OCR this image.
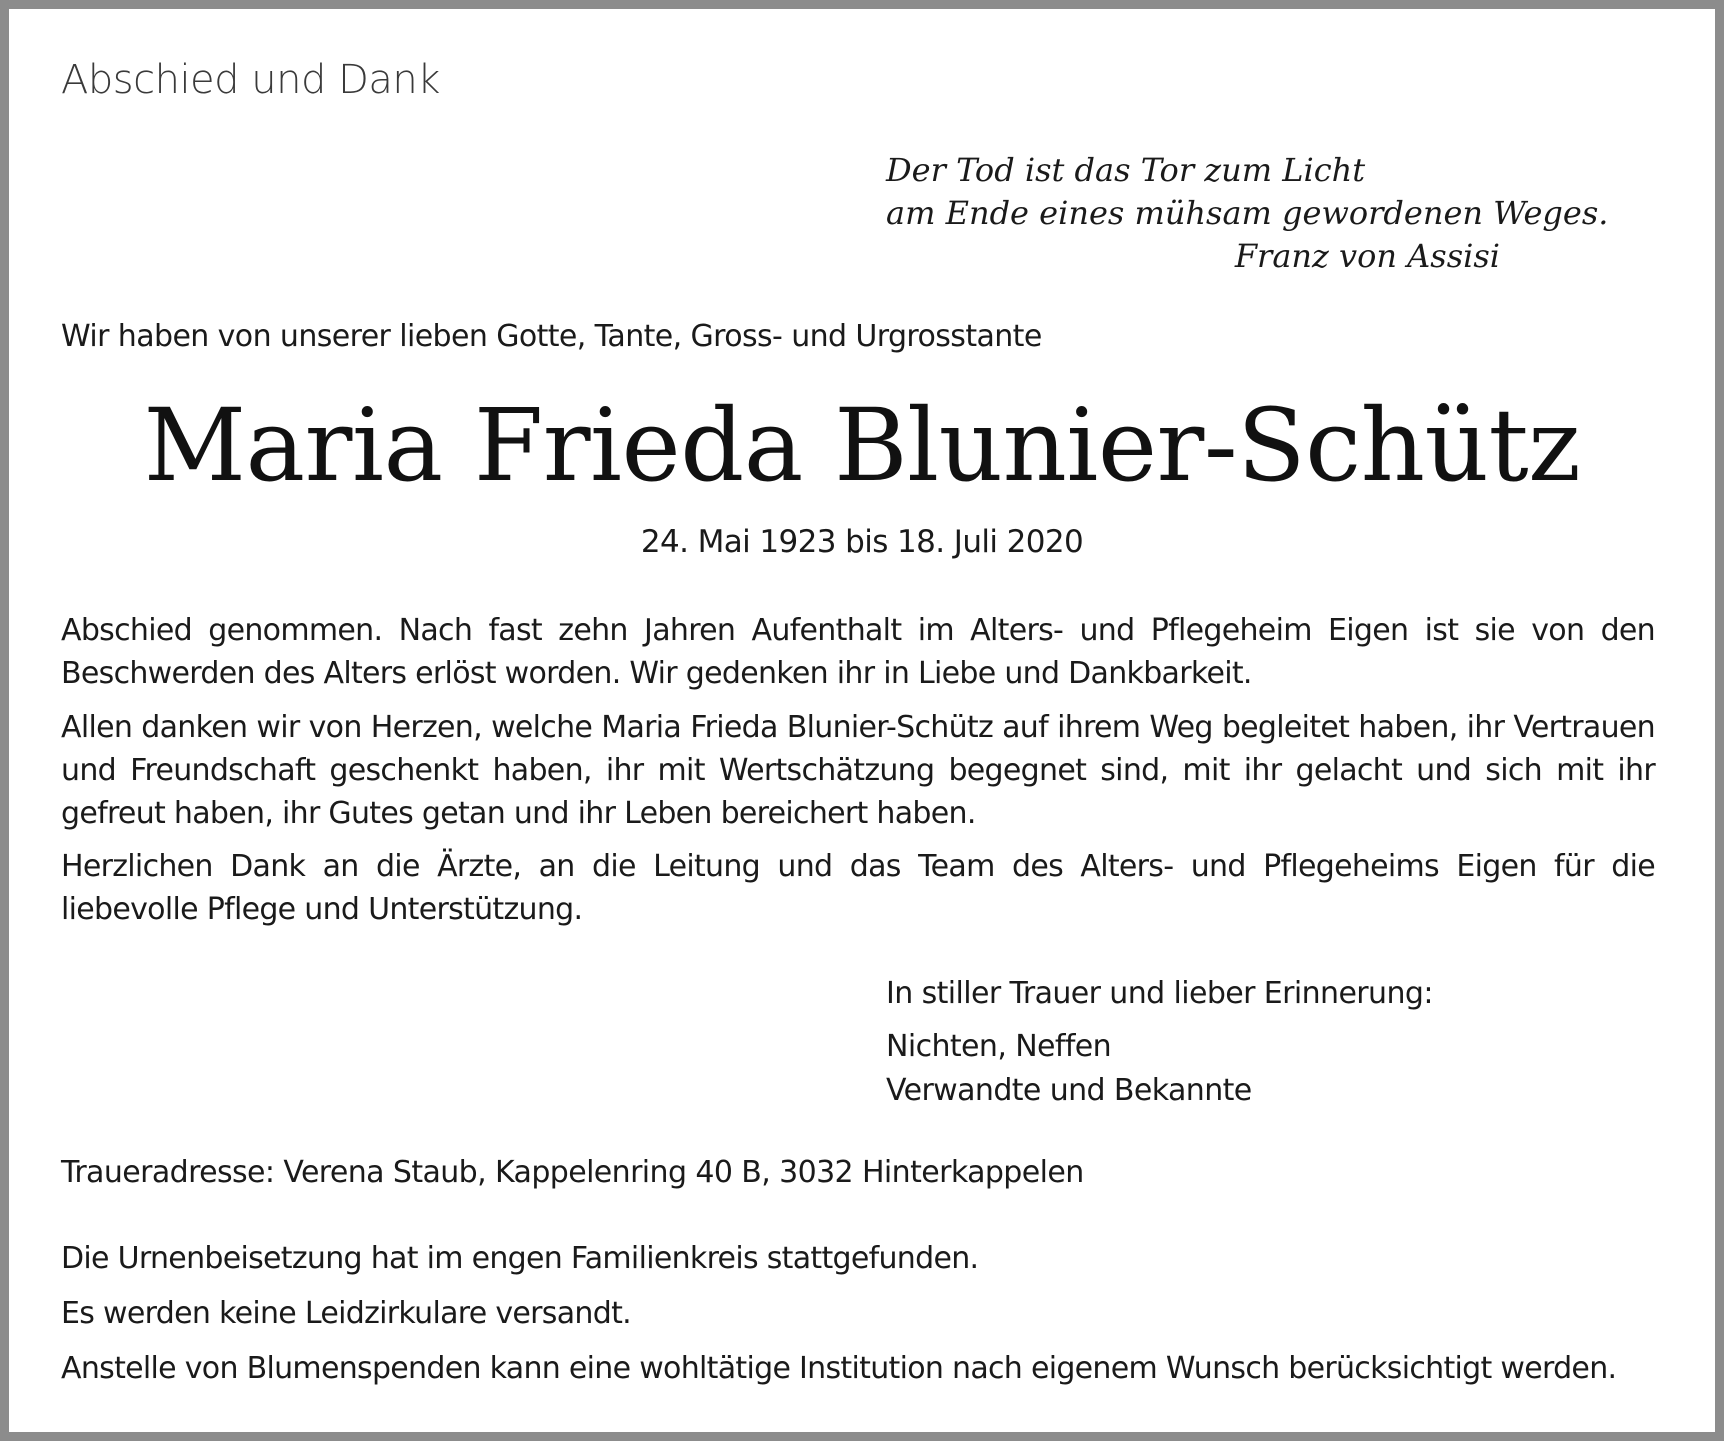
Abschied und Dank
Der Tod ist das Tor zum Licht
am Ende eines mühsam gewordenen Weges.
Franz von Assisi
Wir haben von unserer lieben Gotte, Tante, Gross- und Urgrosstante
Maria Frieda Blunier-Schütz
24. Mai 1923 bis 18. Juli 2020
Abschied genommen. Nach fast zehn Jahren Aufenthalt im Alters- und Pflegeheim Eigen ist sie von den Beschwerden des Alters erlöst worden. Wir gedenken ihr in Liebe und Dankbarkeit.
Allen danken wir von Herzen, welche Maria Frieda Blunier-Schütz auf ihrem Weg begleitet haben, ihr Vertrauen und Freundschaft geschenkt haben, ihr mit Wertschätzung begegnet sind, mit ihr gelacht und sich mit ihr gefreut haben, ihr Gutes getan und ihr Leben bereichert haben.
Herzlichen Dank an die Ärzte, an die Leitung und das Team des Alters- und Pflegeheims Eigen für die liebevolle Pflege und Unterstützung.
In stiller Trauer und lieber Erinnerung:
Nichten, Neffen
Verwandte und Bekannte
Traueradresse: Verena Staub, Kappelenring 40 B, 3032 Hinterkappelen
Die Urnenbeisetzung hat im engen Familienkreis stattgefunden.
Es werden keine Leidzirkulare versandt.
Anstelle von Blumenspenden kann eine wohltätige Institution nach eigenem Wunsch berücksichtigt werden.
